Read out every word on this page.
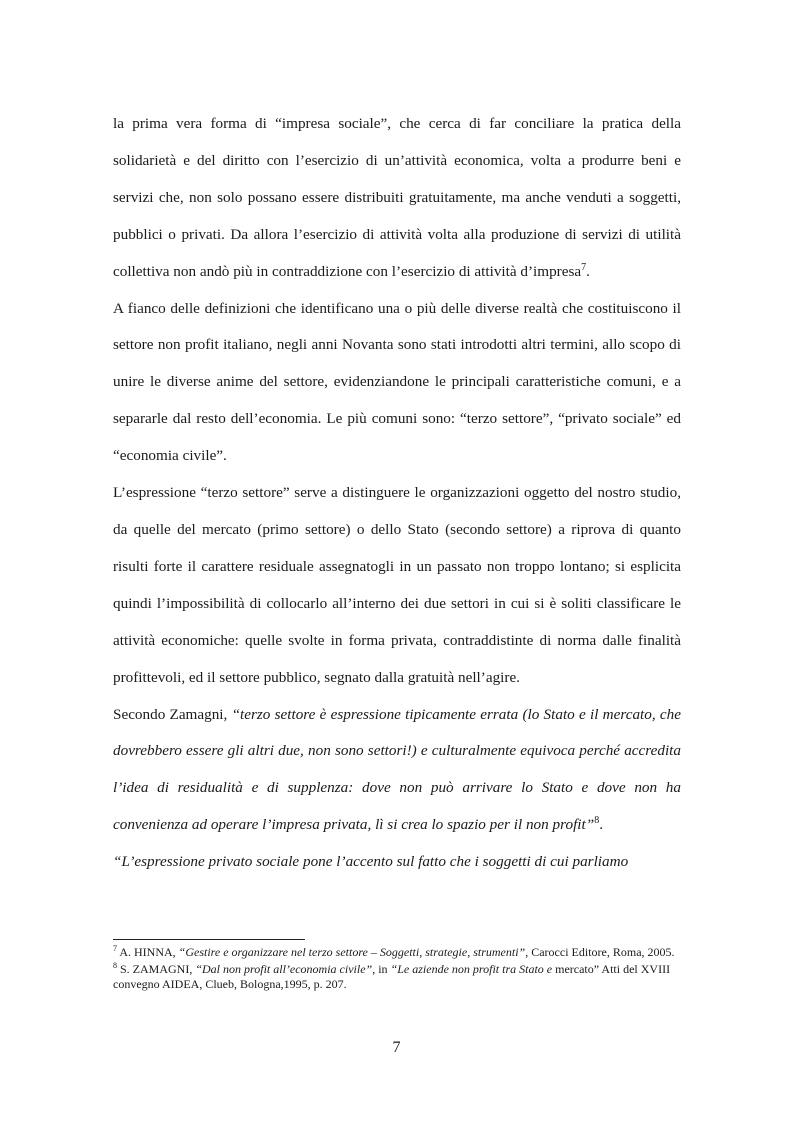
la prima vera forma di “impresa sociale”, che cerca di far conciliare la pratica della solidarietà e del diritto con l’esercizio di un’attività economica, volta a produrre beni e servizi che, non solo possano essere distribuiti gratuitamente, ma anche venduti a soggetti, pubblici o privati. Da allora l’esercizio di attività volta alla produzione di servizi di utilità collettiva non andò più in contraddizione con l’esercizio di attività d’impresa$^7$.

A fianco delle definizioni che identificano una o più delle diverse realtà che costituiscono il settore non profit italiano, negli anni Novanta sono stati introdotti altri termini, allo scopo di unire le diverse anime del settore, evidenziandone le principali caratteristiche comuni, e a separarle dal resto dell’economia. Le più comuni sono: “terzo settore”, “privato sociale” ed “economia civile”.

L’espressione “terzo settore” serve a distinguere le organizzazioni oggetto del nostro studio, da quelle del mercato (primo settore) o dello Stato (secondo settore) a riprova di quanto risulti forte il carattere residuale assegnatogli in un passato non troppo lontano; si esplicita quindi l’impossibilità di collocarlo all’interno dei due settori in cui si è soliti classificare le attività economiche: quelle svolte in forma privata, contraddistinte di norma dalle finalità profittevoli, ed il settore pubblico, segnato dalla gratuità nell’agire.

Secondo Zamagni, “terzo settore è espressione tipicamente errata (lo Stato e il mercato, che dovrebbero essere gli altri due, non sono settori!) e culturalmente equivoca perché accredita l’idea di residualità e di supplenza: dove non può arrivare lo Stato e dove non ha convenienza ad operare l’impresa privata, lì si crea lo spazio per il non profit”$^8$.

“L’espressione privato sociale pone l’accento sul fatto che i soggetti di cui parliamo

$^7$ A. HINNA, “Gestire e organizzare nel terzo settore – Soggetti, strategie, strumenti”, Carocci Editore, Roma, 2005.

$^8$ S. ZAMAGNI, “Dal non profit all’economia civile”, in “Le aziende non profit tra Stato e mercato” Atti del XVIII convegno AIDEA, Clueb, Bologna,1995, p. 207.

7
